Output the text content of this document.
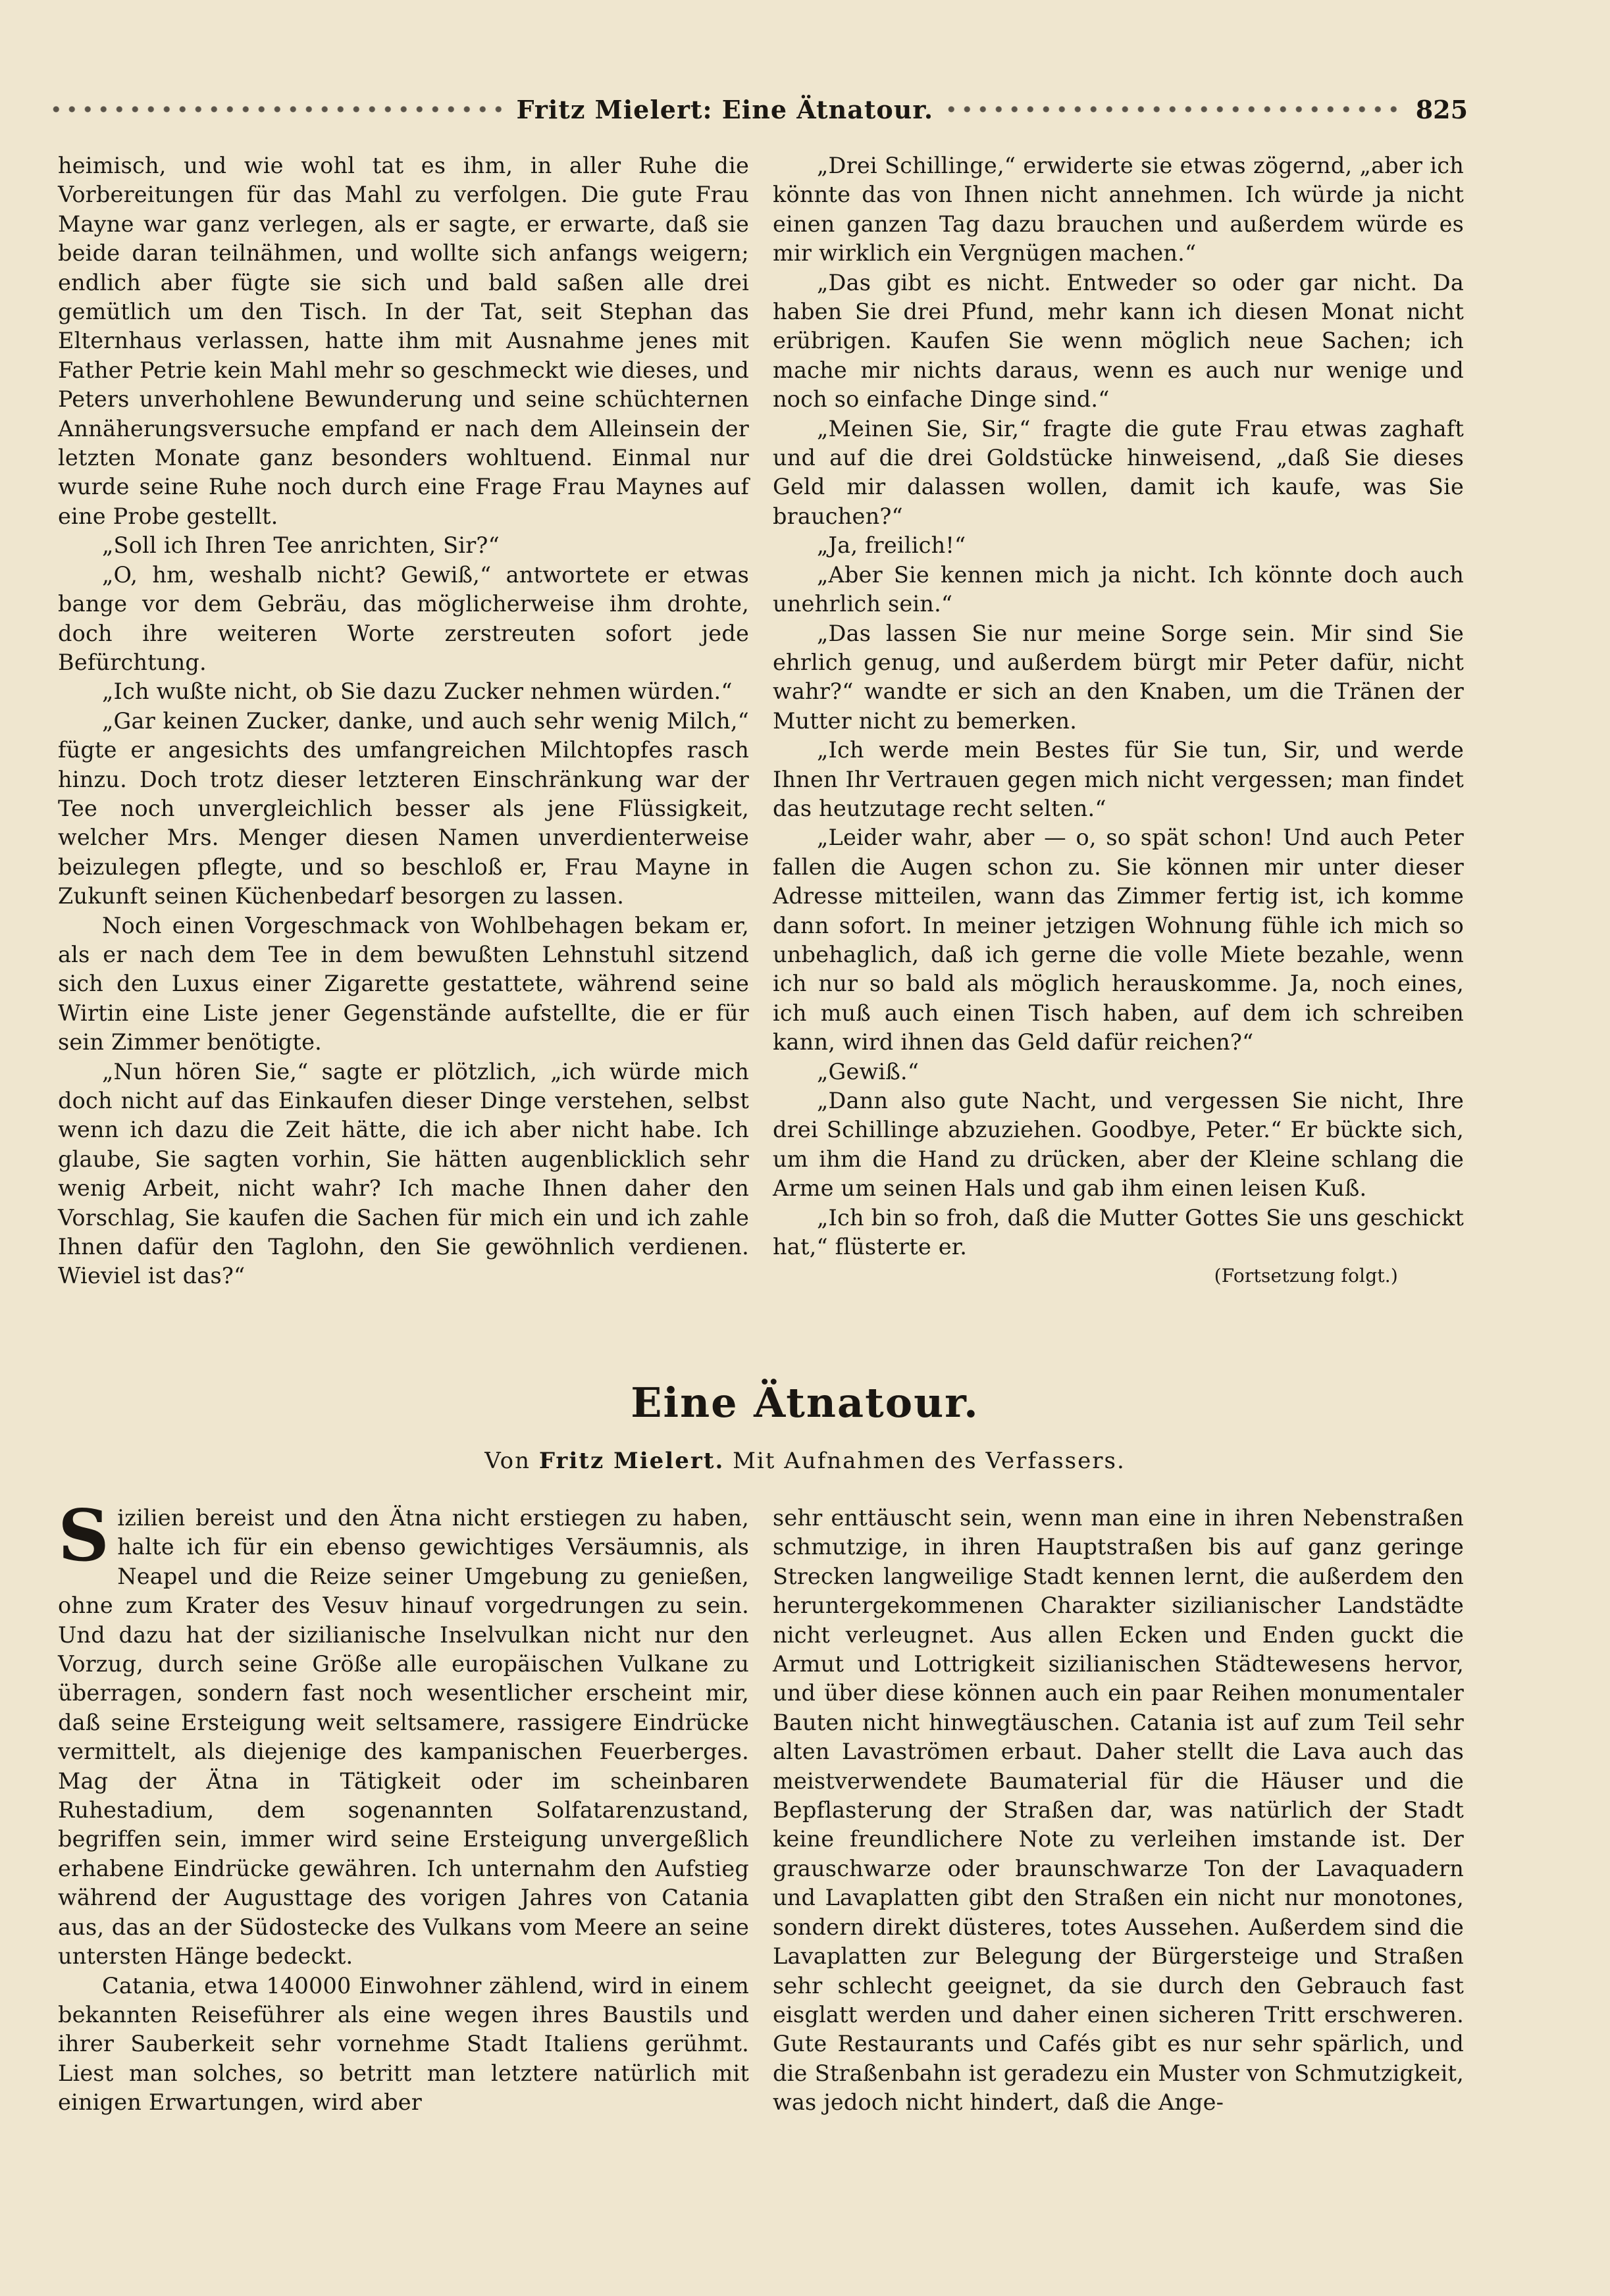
Fritz Mielert: Eine Ätnatour.	825

heimisch, und wie wohl tat es ihm, in aller Ruhe die Vorbereitungen für das Mahl zu verfolgen. Die gute Frau Mayne war ganz verlegen, als er sagte, er erwarte, daß sie beide daran teilnähmen, und wollte sich anfangs weigern; endlich aber fügte sie sich und bald saßen alle drei gemütlich um den Tisch. In der Tat, seit Stephan das Elternhaus verlassen, hatte ihm mit Ausnahme jenes mit Father Petrie kein Mahl mehr so geschmeckt wie dieses, und Peters unverhohlene Bewunderung und seine schüchternen Annäherungsversuche empfand er nach dem Alleinsein der letzten Monate ganz besonders wohltuend. Einmal nur wurde seine Ruhe noch durch eine Frage Frau Maynes auf eine Probe gestellt.

„Soll ich Ihren Tee anrichten, Sir?“

„O, hm, weshalb nicht? Gewiß,“ antwortete er etwas bange vor dem Gebräu, das möglicherweise ihm drohte, doch ihre weiteren Worte zerstreuten sofort jede Befürchtung.

„Ich wußte nicht, ob Sie dazu Zucker nehmen würden.“

„Gar keinen Zucker, danke, und auch sehr wenig Milch,“ fügte er angesichts des umfangreichen Milchtopfes rasch hinzu. Doch trotz dieser letzteren Einschränkung war der Tee noch unvergleichlich besser als jene Flüssigkeit, welcher Mrs. Menger diesen Namen unverdienterweise beizulegen pflegte, und so beschloß er, Frau Mayne in Zukunft seinen Küchenbedarf besorgen zu lassen.

Noch einen Vorgeschmack von Wohlbehagen bekam er, als er nach dem Tee in dem bewußten Lehnstuhl sitzend sich den Luxus einer Zigarette gestattete, während seine Wirtin eine Liste jener Gegenstände aufstellte, die er für sein Zimmer benötigte.

„Nun hören Sie,“ sagte er plötzlich, „ich würde mich doch nicht auf das Einkaufen dieser Dinge verstehen, selbst wenn ich dazu die Zeit hätte, die ich aber nicht habe. Ich glaube, Sie sagten vorhin, Sie hätten augenblicklich sehr wenig Arbeit, nicht wahr? Ich mache Ihnen daher den Vorschlag, Sie kaufen die Sachen für mich ein und ich zahle Ihnen dafür den Taglohn, den Sie gewöhnlich verdienen. Wieviel ist das?“

„Drei Schillinge,“ erwiderte sie etwas zögernd, „aber ich könnte das von Ihnen nicht annehmen. Ich würde ja nicht einen ganzen Tag dazu brauchen und außerdem würde es mir wirklich ein Vergnügen machen.“

„Das gibt es nicht. Entweder so oder gar nicht. Da haben Sie drei Pfund, mehr kann ich diesen Monat nicht erübrigen. Kaufen Sie wenn möglich neue Sachen; ich mache mir nichts daraus, wenn es auch nur wenige und noch so einfache Dinge sind.“

„Meinen Sie, Sir,“ fragte die gute Frau etwas zaghaft und auf die drei Goldstücke hinweisend, „daß Sie dieses Geld mir dalassen wollen, damit ich kaufe, was Sie brauchen?“

„Ja, freilich!“

„Aber Sie kennen mich ja nicht. Ich könnte doch auch unehrlich sein.“

„Das lassen Sie nur meine Sorge sein. Mir sind Sie ehrlich genug, und außerdem bürgt mir Peter dafür, nicht wahr?“ wandte er sich an den Knaben, um die Tränen der Mutter nicht zu bemerken.

„Ich werde mein Bestes für Sie tun, Sir, und werde Ihnen Ihr Vertrauen gegen mich nicht vergessen; man findet das heutzutage recht selten.“

„Leider wahr, aber — o, so spät schon! Und auch Peter fallen die Augen schon zu. Sie können mir unter dieser Adresse mitteilen, wann das Zimmer fertig ist, ich komme dann sofort. In meiner jetzigen Wohnung fühle ich mich so unbehaglich, daß ich gerne die volle Miete bezahle, wenn ich nur so bald als möglich herauskomme. Ja, noch eines, ich muß auch einen Tisch haben, auf dem ich schreiben kann, wird ihnen das Geld dafür reichen?“

„Gewiß.“

„Dann also gute Nacht, und vergessen Sie nicht, Ihre drei Schillinge abzuziehen. Goodbye, Peter.“ Er bückte sich, um ihm die Hand zu drücken, aber der Kleine schlang die Arme um seinen Hals und gab ihm einen leisen Kuß.

„Ich bin so froh, daß die Mutter Gottes Sie uns geschickt hat,“ flüsterte er.

(Fortsetzung folgt.)

Eine Ätnatour.
Von Fritz Mielert. Mit Aufnahmen des Verfassers.

Sizilien bereist und den Ätna nicht erstiegen zu haben, halte ich für ein ebenso gewichtiges Versäumnis, als Neapel und die Reize seiner Umgebung zu genießen, ohne zum Krater des Vesuv hinauf vorgedrungen zu sein. Und dazu hat der sizilianische Inselvulkan nicht nur den Vorzug, durch seine Größe alle europäischen Vulkane zu überragen, sondern fast noch wesentlicher erscheint mir, daß seine Ersteigung weit seltsamere, rassigere Eindrücke vermittelt, als diejenige des kampanischen Feuerberges. Mag der Ätna in Tätigkeit oder im scheinbaren Ruhestadium, dem sogenannten Solfatarenzustand, begriffen sein, immer wird seine Ersteigung unvergeßlich erhabene Eindrücke gewähren. Ich unternahm den Aufstieg während der Augusttage des vorigen Jahres von Catania aus, das an der Südostecke des Vulkans vom Meere an seine untersten Hänge bedeckt.

Catania, etwa 140000 Einwohner zählend, wird in einem bekannten Reiseführer als eine wegen ihres Baustils und ihrer Sauberkeit sehr vornehme Stadt Italiens gerühmt. Liest man solches, so betritt man letztere natürlich mit einigen Erwartungen, wird aber

sehr enttäuscht sein, wenn man eine in ihren Nebenstraßen schmutzige, in ihren Hauptstraßen bis auf ganz geringe Strecken langweilige Stadt kennen lernt, die außerdem den heruntergekommenen Charakter sizilianischer Landstädte nicht verleugnet. Aus allen Ecken und Enden guckt die Armut und Lottrigkeit sizilianischen Städtewesens hervor, und über diese können auch ein paar Reihen monumentaler Bauten nicht hinwegtäuschen. Catania ist auf zum Teil sehr alten Lavaströmen erbaut. Daher stellt die Lava auch das meistverwendete Baumaterial für die Häuser und die Bepflasterung der Straßen dar, was natürlich der Stadt keine freundlichere Note zu verleihen imstande ist. Der grauschwarze oder braunschwarze Ton der Lavaquadern und Lavaplatten gibt den Straßen ein nicht nur monotones, sondern direkt düsteres, totes Aussehen. Außerdem sind die Lavaplatten zur Belegung der Bürgersteige und Straßen sehr schlecht geeignet, da sie durch den Gebrauch fast eisglatt werden und daher einen sicheren Tritt erschweren. Gute Restaurants und Cafés gibt es nur sehr spärlich, und die Straßenbahn ist geradezu ein Muster von Schmutzigkeit, was jedoch nicht hindert, daß die Ange-
